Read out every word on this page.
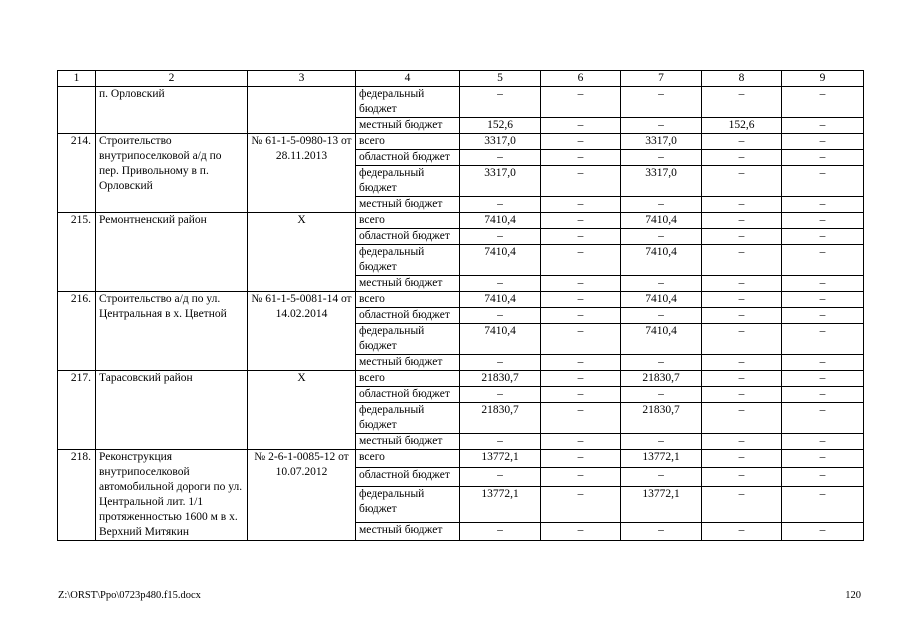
1	2	3	4	5	6	7	8	9
	п. Орловский		федеральный бюджет	–	–	–	–	–
			местный бюджет	152,6	–	–	152,6	–
214.	Строительство внутрипоселковой а/д по пер. Привольному в п. Орловский	№ 61-1-5-0980-13 от 28.11.2013	всего	3317,0	–	3317,0	–	–
			областной бюджет	–	–	–	–	–
			федеральный бюджет	3317,0	–	3317,0	–	–
			местный бюджет	–	–	–	–	–
215.	Ремонтненский район	Х	всего	7410,4	–	7410,4	–	–
			областной бюджет	–	–	–	–	–
			федеральный бюджет	7410,4	–	7410,4	–	–
			местный бюджет	–	–	–	–	–
216.	Строительство а/д по ул. Центральная в х. Цветной	№ 61-1-5-0081-14 от 14.02.2014	всего	7410,4	–	7410,4	–	–
			областной бюджет	–	–	–	–	–
			федеральный бюджет	7410,4	–	7410,4	–	–
			местный бюджет	–	–	–	–	–
217.	Тарасовский район	Х	всего	21830,7	–	21830,7	–	–
			областной бюджет	–	–	–	–	–
			федеральный бюджет	21830,7	–	21830,7	–	–
			местный бюджет	–	–	–	–	–
218.	Реконструкция внутрипоселковой автомобильной дороги по ул. Центральной лит. 1/1 протяженностью 1600 м в х. Верхний Митякин	№ 2-6-1-0085-12 от 10.07.2012	всего	13772,1	–	13772,1	–	–
			областной бюджет	–	–	–	–	–
			федеральный бюджет	13772,1	–	13772,1	–	–
			местный бюджет	–	–	–	–	–
Z:\ORST\Ppo\0723p480.f15.docx	120
